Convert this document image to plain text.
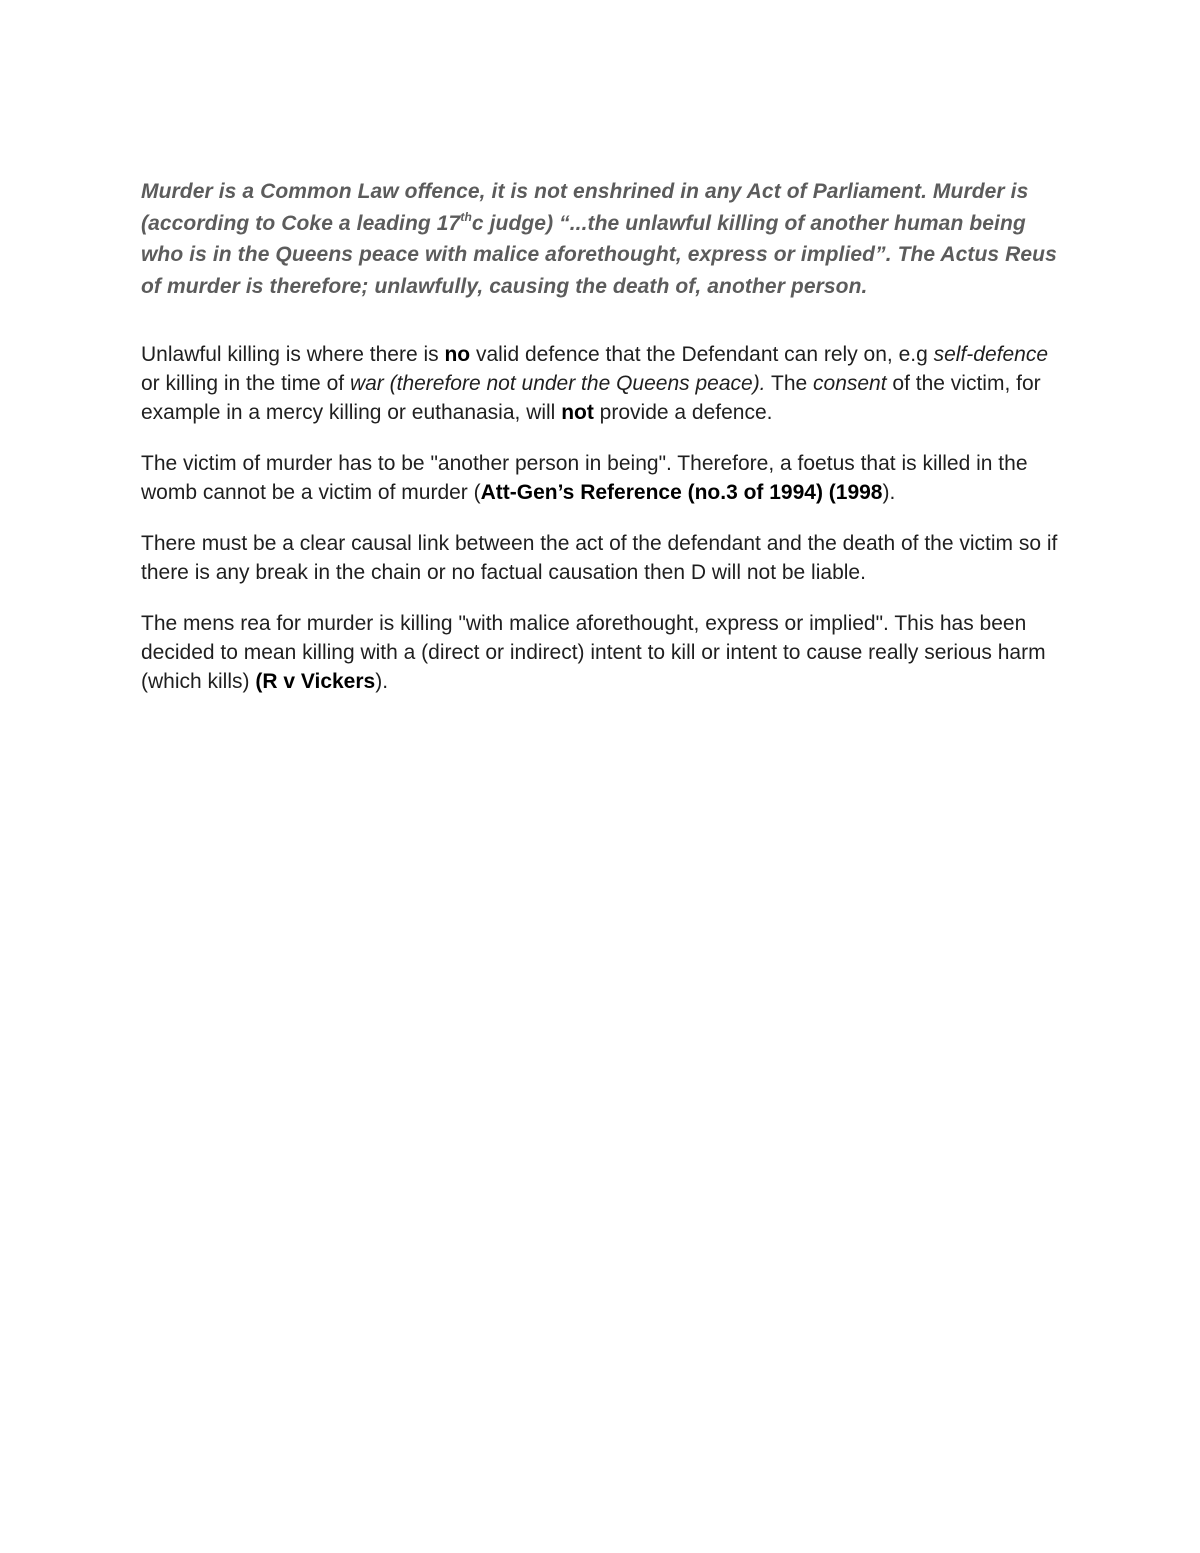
Murder is a Common Law offence, it is not enshrined in any Act of Parliament. Murder is (according to Coke a leading 17thc judge) “...the unlawful killing of another human being who is in the Queens peace with malice aforethought, express or implied”. The Actus Reus of murder is therefore; unlawfully, causing the death of, another person.

Unlawful killing is where there is no valid defence that the Defendant can rely on, e.g self-defence or killing in the time of war (therefore not under the Queens peace). The consent of the victim, for example in a mercy killing or euthanasia, will not provide a defence.

The victim of murder has to be "another person in being". Therefore, a foetus that is killed in the womb cannot be a victim of murder (Att-Gen’s Reference (no.3 of 1994) (1998).

There must be a clear causal link between the act of the defendant and the death of the victim so if there is any break in the chain or no factual causation then D will not be liable.

The mens rea for murder is killing "with malice aforethought, express or implied". This has been decided to mean killing with a (direct or indirect) intent to kill or intent to cause really serious harm (which kills) (R v Vickers).
